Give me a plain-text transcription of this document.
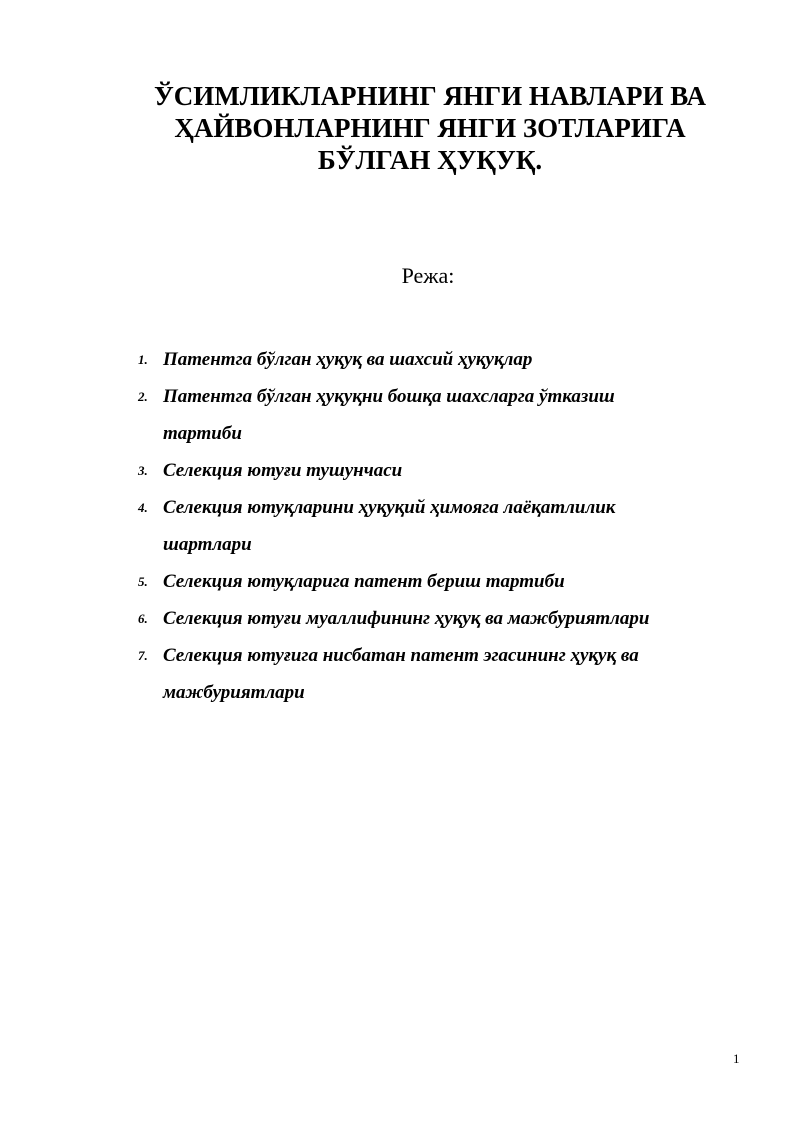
ЎСИМЛИКЛАРНИНГ ЯНГИ НАВЛАРИ ВА
ҲАЙВОНЛАРНИНГ ЯНГИ ЗОТЛАРИГА
БЎЛГАН ҲУҚУҚ.
Режа:
1. Патентга бўлган ҳуқуқ ва шахсий ҳуқуқлар
2. Патентга бўлган ҳуқуқни бошқа шахсларга ўтказиш
тартиби
3. Селекция ютуғи тушунчаси
4. Селекция ютуқларини ҳуқуқий ҳимояга лаёқатлилик
шартлари
5. Селекция ютуқларига патент бериш тартиби
6. Селекция ютуғи муаллифининг ҳуқуқ ва мажбуриятлари
7. Селекция ютуғига нисбатан патент эгасининг ҳуқуқ ва
мажбуриятлари
1
